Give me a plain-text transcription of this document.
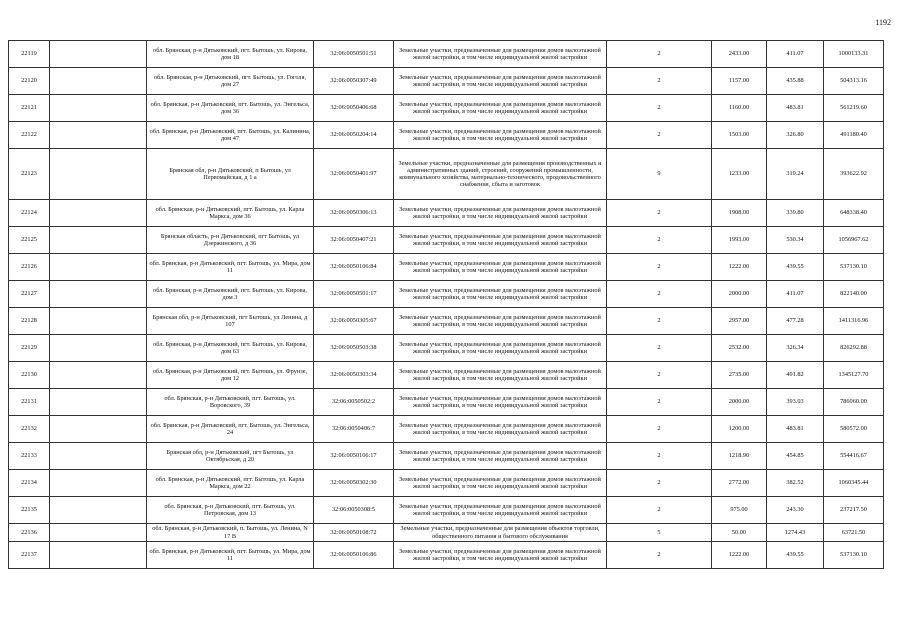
1192
22119		обл. Брянская, р-н Дятьковский, пгт. Бытошь, ул. Кирова, дом 18	32:06:0050501:51	Земельные участки, предназначенные для размещения домов малоэтажной жилой застройки, в том числе индивидуальной жилой застройки	2	2433.00	411.07	1000133.31
22120		обл. Брянская, р-н Дятьковский, пгт. Бытошь, ул. Гоголя, дом 27	32:06:0050307:49	Земельные участки, предназначенные для размещения домов малоэтажной жилой застройки, в том числе индивидуальной жилой застройки	2	1157.00	435.88	504313.16
22121		обл. Брянская, р-н Дятьковский, пгт. Бытошь, ул. Энгельса, дом 36	32:06:0050406:68	Земельные участки, предназначенные для размещения домов малоэтажной жилой застройки, в том числе индивидуальной жилой застройки	2	1160.00	483.81	561219.60
22122		обл. Брянская, р-н Дятьковский, пгт. Бытошь, ул. Калинина, дом 47	32:06:0050204:14	Земельные участки, предназначенные для размещения домов малоэтажной жилой застройки, в том числе индивидуальной жилой застройки	2	1503.00	326.80	491180.40
22123		Брянская обл, р-н Дятьковский, п Бытошь, ул Первомайская, д 1 а	32:06:0050401:97	Земельные участки, предназначенные для размещения производственных и административных зданий, строений, сооружений промышленности, коммунального хозяйства, материально-технического, продовольственного снабжения, сбыта и заготовок	9	1233.00	319.24	393622.92
22124		обл. Брянская, р-н Дятьковский, пгт. Бытошь, ул. Карла Маркса, дом 36	32:06:0050306:13	Земельные участки, предназначенные для размещения домов малоэтажной жилой застройки, в том числе индивидуальной жилой застройки	2	1908.00	339.80	648338.40
22125		Брянская область, р-н Дятьковский, пгт Бытошь, ул Дзержинского, д 36	32:06:0050407:21	Земельные участки, предназначенные для размещения домов малоэтажной жилой застройки, в том числе индивидуальной жилой застройки	2	1993.00	530.34	1056967.62
22126		обл. Брянская, р-н Дятьковский, пгт. Бытошь, ул. Мира, дом 11	32:06:0050106:84	Земельные участки, предназначенные для размещения домов малоэтажной жилой застройки, в том числе индивидуальной жилой застройки	2	1222.00	439.55	537130.10
22127		обл. Брянская, р-н Дятьковский, пгт. Бытошь, ул. Кирова, дом 3	32:06:0050501:17	Земельные участки, предназначенные для размещения домов малоэтажной жилой застройки, в том числе индивидуальной жилой застройки	2	2000.00	411.07	822140.00
22128		Брянская обл, р-н Дятьковский, пгт Бытошь, ул Ленина, д 107	32:06:0050305:67	Земельные участки, предназначенные для размещения домов малоэтажной жилой застройки, в том числе индивидуальной жилой застройки	2	2957.00	477.28	1411316.96
22129		обл. Брянская, р-н Дятьковский, пгт. Бытошь, ул. Кирова, дом 63	32:06:0050503:38	Земельные участки, предназначенные для размещения домов малоэтажной жилой застройки, в том числе индивидуальной жилой застройки	2	2532.00	326.34	826292.88
22130		обл. Брянская, р-н Дятьковский, пгт. Бытошь, ул. Фрунзе, дом 12	32:06:0050303:34	Земельные участки, предназначенные для размещения домов малоэтажной жилой застройки, в том числе индивидуальной жилой застройки	2	2735.00	491.82	1345127.70
22131		обл. Брянская, р-н Дятьковский, пгт. Бытошь, ул. Воровского, 39	32:06:0050502:2	Земельные участки, предназначенные для размещения домов малоэтажной жилой застройки, в том числе индивидуальной жилой застройки	2	2000.00	393.03	786060.00
22132		обл. Брянская, р-н Дятьковский, пгт. Бытошь, ул. Энгельса, 24	32:06:0050406:7	Земельные участки, предназначенные для размещения домов малоэтажной жилой застройки, в том числе индивидуальной жилой застройки	2	1200.00	483.81	580572.00
22133		Брянская обл, р-н Дятьковский, пгт Бытошь, ул Октябрьская, д 20	32:06:0050106:17	Земельные участки, предназначенные для размещения домов малоэтажной жилой застройки, в том числе индивидуальной жилой застройки	2	1218.90	454.85	554416.67
22134		обл. Брянская, р-н Дятьковский, пгт. Бытошь, ул. Карла Маркса, дом 22	32:06:0050302:30	Земельные участки, предназначенные для размещения домов малоэтажной жилой застройки, в том числе индивидуальной жилой застройки	2	2772.00	382.52	1060345.44
22135		обл. Брянская, р-н Дятьковский, пгт. Бытошь, ул. Петровская, дом 13	32:06:0050308:5	Земельные участки, предназначенные для размещения домов малоэтажной жилой застройки, в том числе индивидуальной жилой застройки	2	975.00	243.30	237217.50
22136		обл. Брянская, р-н Дятьковский, п. Бытошь, ул. Ленина, N 17 В	32:06:0050108:72	Земельные участки, предназначенные для размещения объектов торговли, общественного питания и бытового обслуживания	5	50.00	1274.43	63721.50
22137		обл. Брянская, р-н Дятьковский, пгт. Бытошь, ул. Мира, дом 11	32:06:0050106:86	Земельные участки, предназначенные для размещения домов малоэтажной жилой застройки, в том числе индивидуальной жилой застройки	2	1222.00	439.55	537130.10
